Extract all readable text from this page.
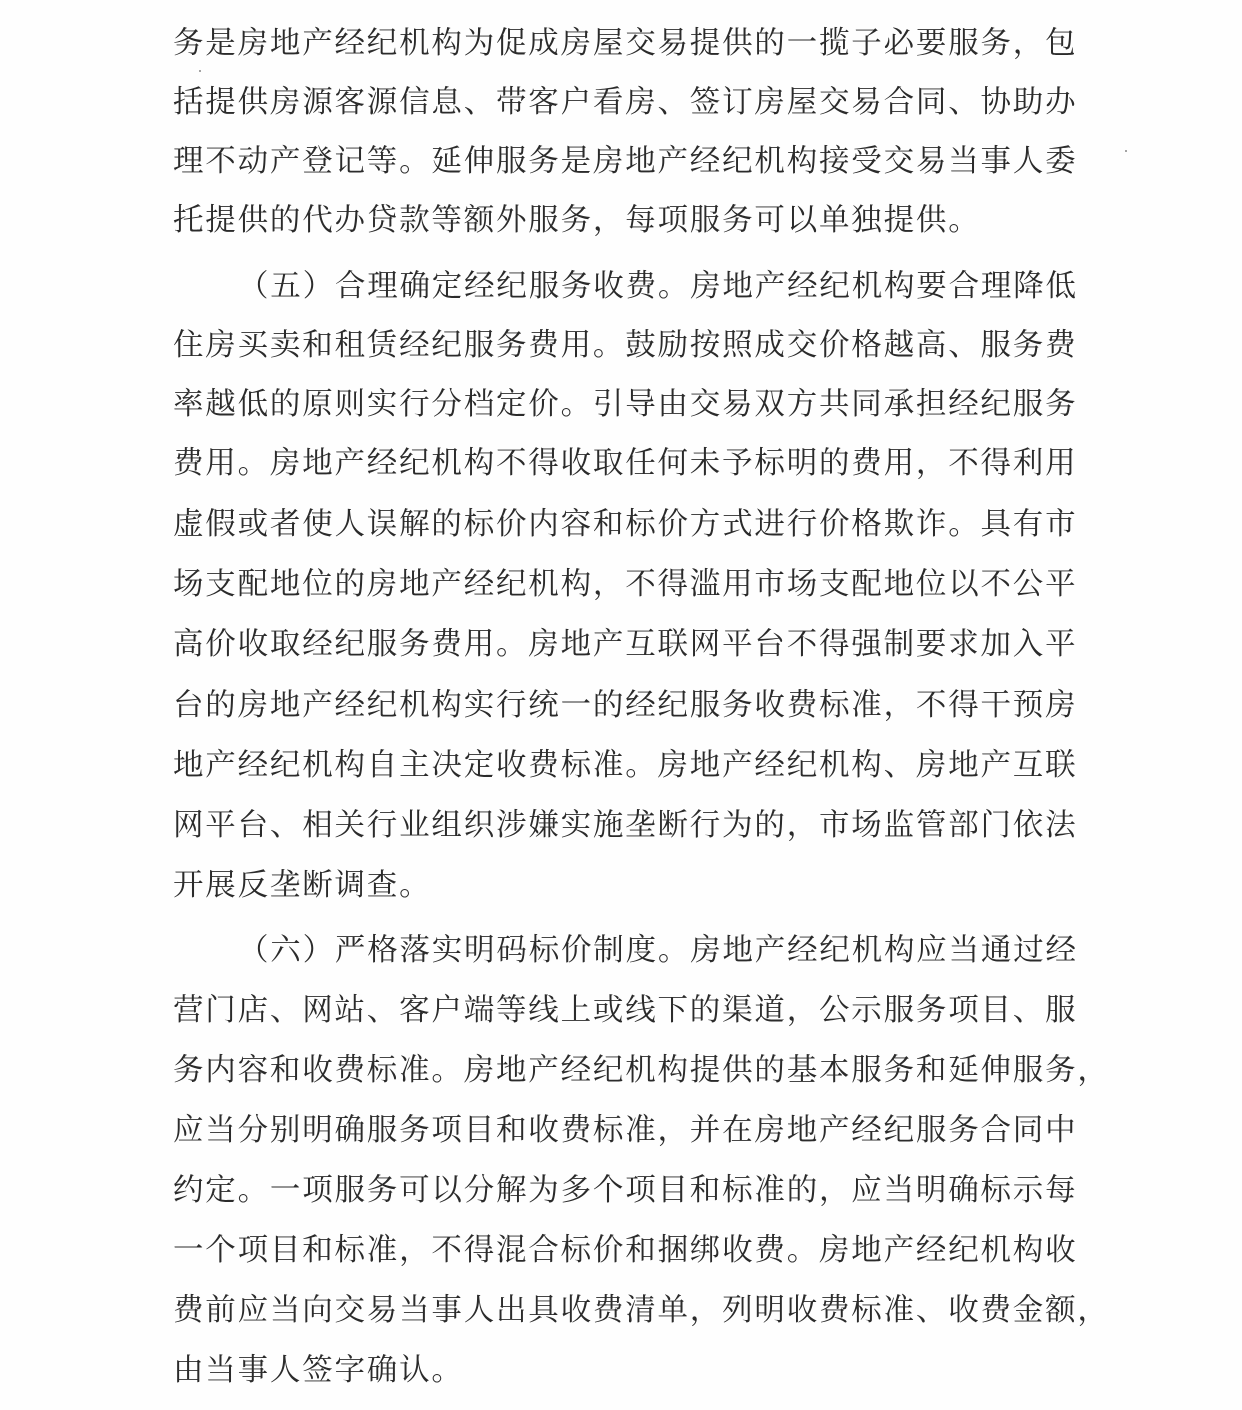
务是房地产经纪机构为促成房屋交易提供的一揽子必要服务，包
括提供房源客源信息、带客户看房、签订房屋交易合同、协助办
理不动产登记等。延伸服务是房地产经纪机构接受交易当事人委
托提供的代办贷款等额外服务，每项服务可以单独提供。
（五）合理确定经纪服务收费。房地产经纪机构要合理降低
住房买卖和租赁经纪服务费用。鼓励按照成交价格越高、服务费
率越低的原则实行分档定价。引导由交易双方共同承担经纪服务
费用。房地产经纪机构不得收取任何未予标明的费用，不得利用
虚假或者使人误解的标价内容和标价方式进行价格欺诈。具有市
场支配地位的房地产经纪机构，不得滥用市场支配地位以不公平
高价收取经纪服务费用。房地产互联网平台不得强制要求加入平
台的房地产经纪机构实行统一的经纪服务收费标准，不得干预房
地产经纪机构自主决定收费标准。房地产经纪机构、房地产互联
网平台、相关行业组织涉嫌实施垄断行为的，市场监管部门依法
开展反垄断调查。
（六）严格落实明码标价制度。房地产经纪机构应当通过经
营门店、网站、客户端等线上或线下的渠道，公示服务项目、服
务内容和收费标准。房地产经纪机构提供的基本服务和延伸服务，
应当分别明确服务项目和收费标准，并在房地产经纪服务合同中
约定。一项服务可以分解为多个项目和标准的，应当明确标示每
一个项目和标准，不得混合标价和捆绑收费。房地产经纪机构收
费前应当向交易当事人出具收费清单，列明收费标准、收费金额，
由当事人签字确认。
